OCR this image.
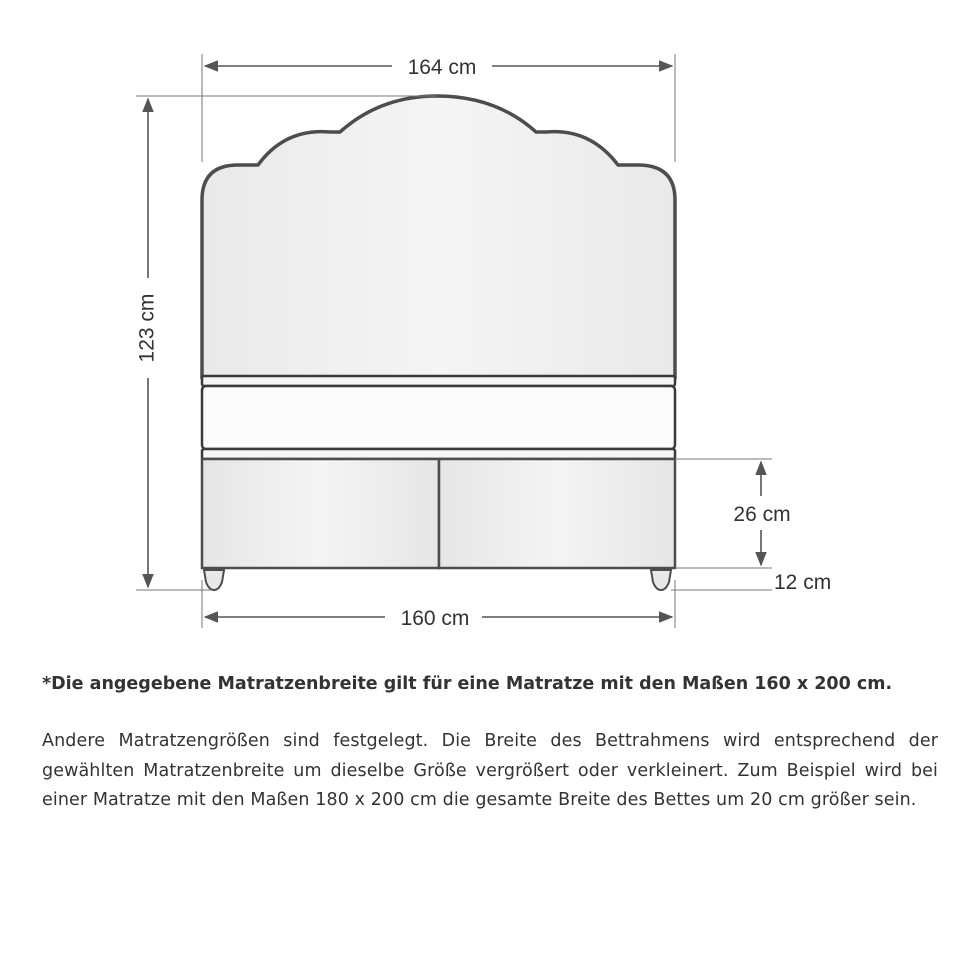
164 cm
123 cm
160 cm
26 cm
12 cm

*Die angegebene Matratzenbreite gilt für eine Matratze mit den Maßen 160 x 200 cm.

Andere Matratzengrößen sind festgelegt. Die Breite des Bettrahmens wird entsprechend der gewählten Matratzenbreite um dieselbe Größe vergrößert oder verkleinert. Zum Beispiel wird bei einer Matratze mit den Maßen 180 x 200 cm die gesamte Breite des Bettes um 20 cm größer sein.
